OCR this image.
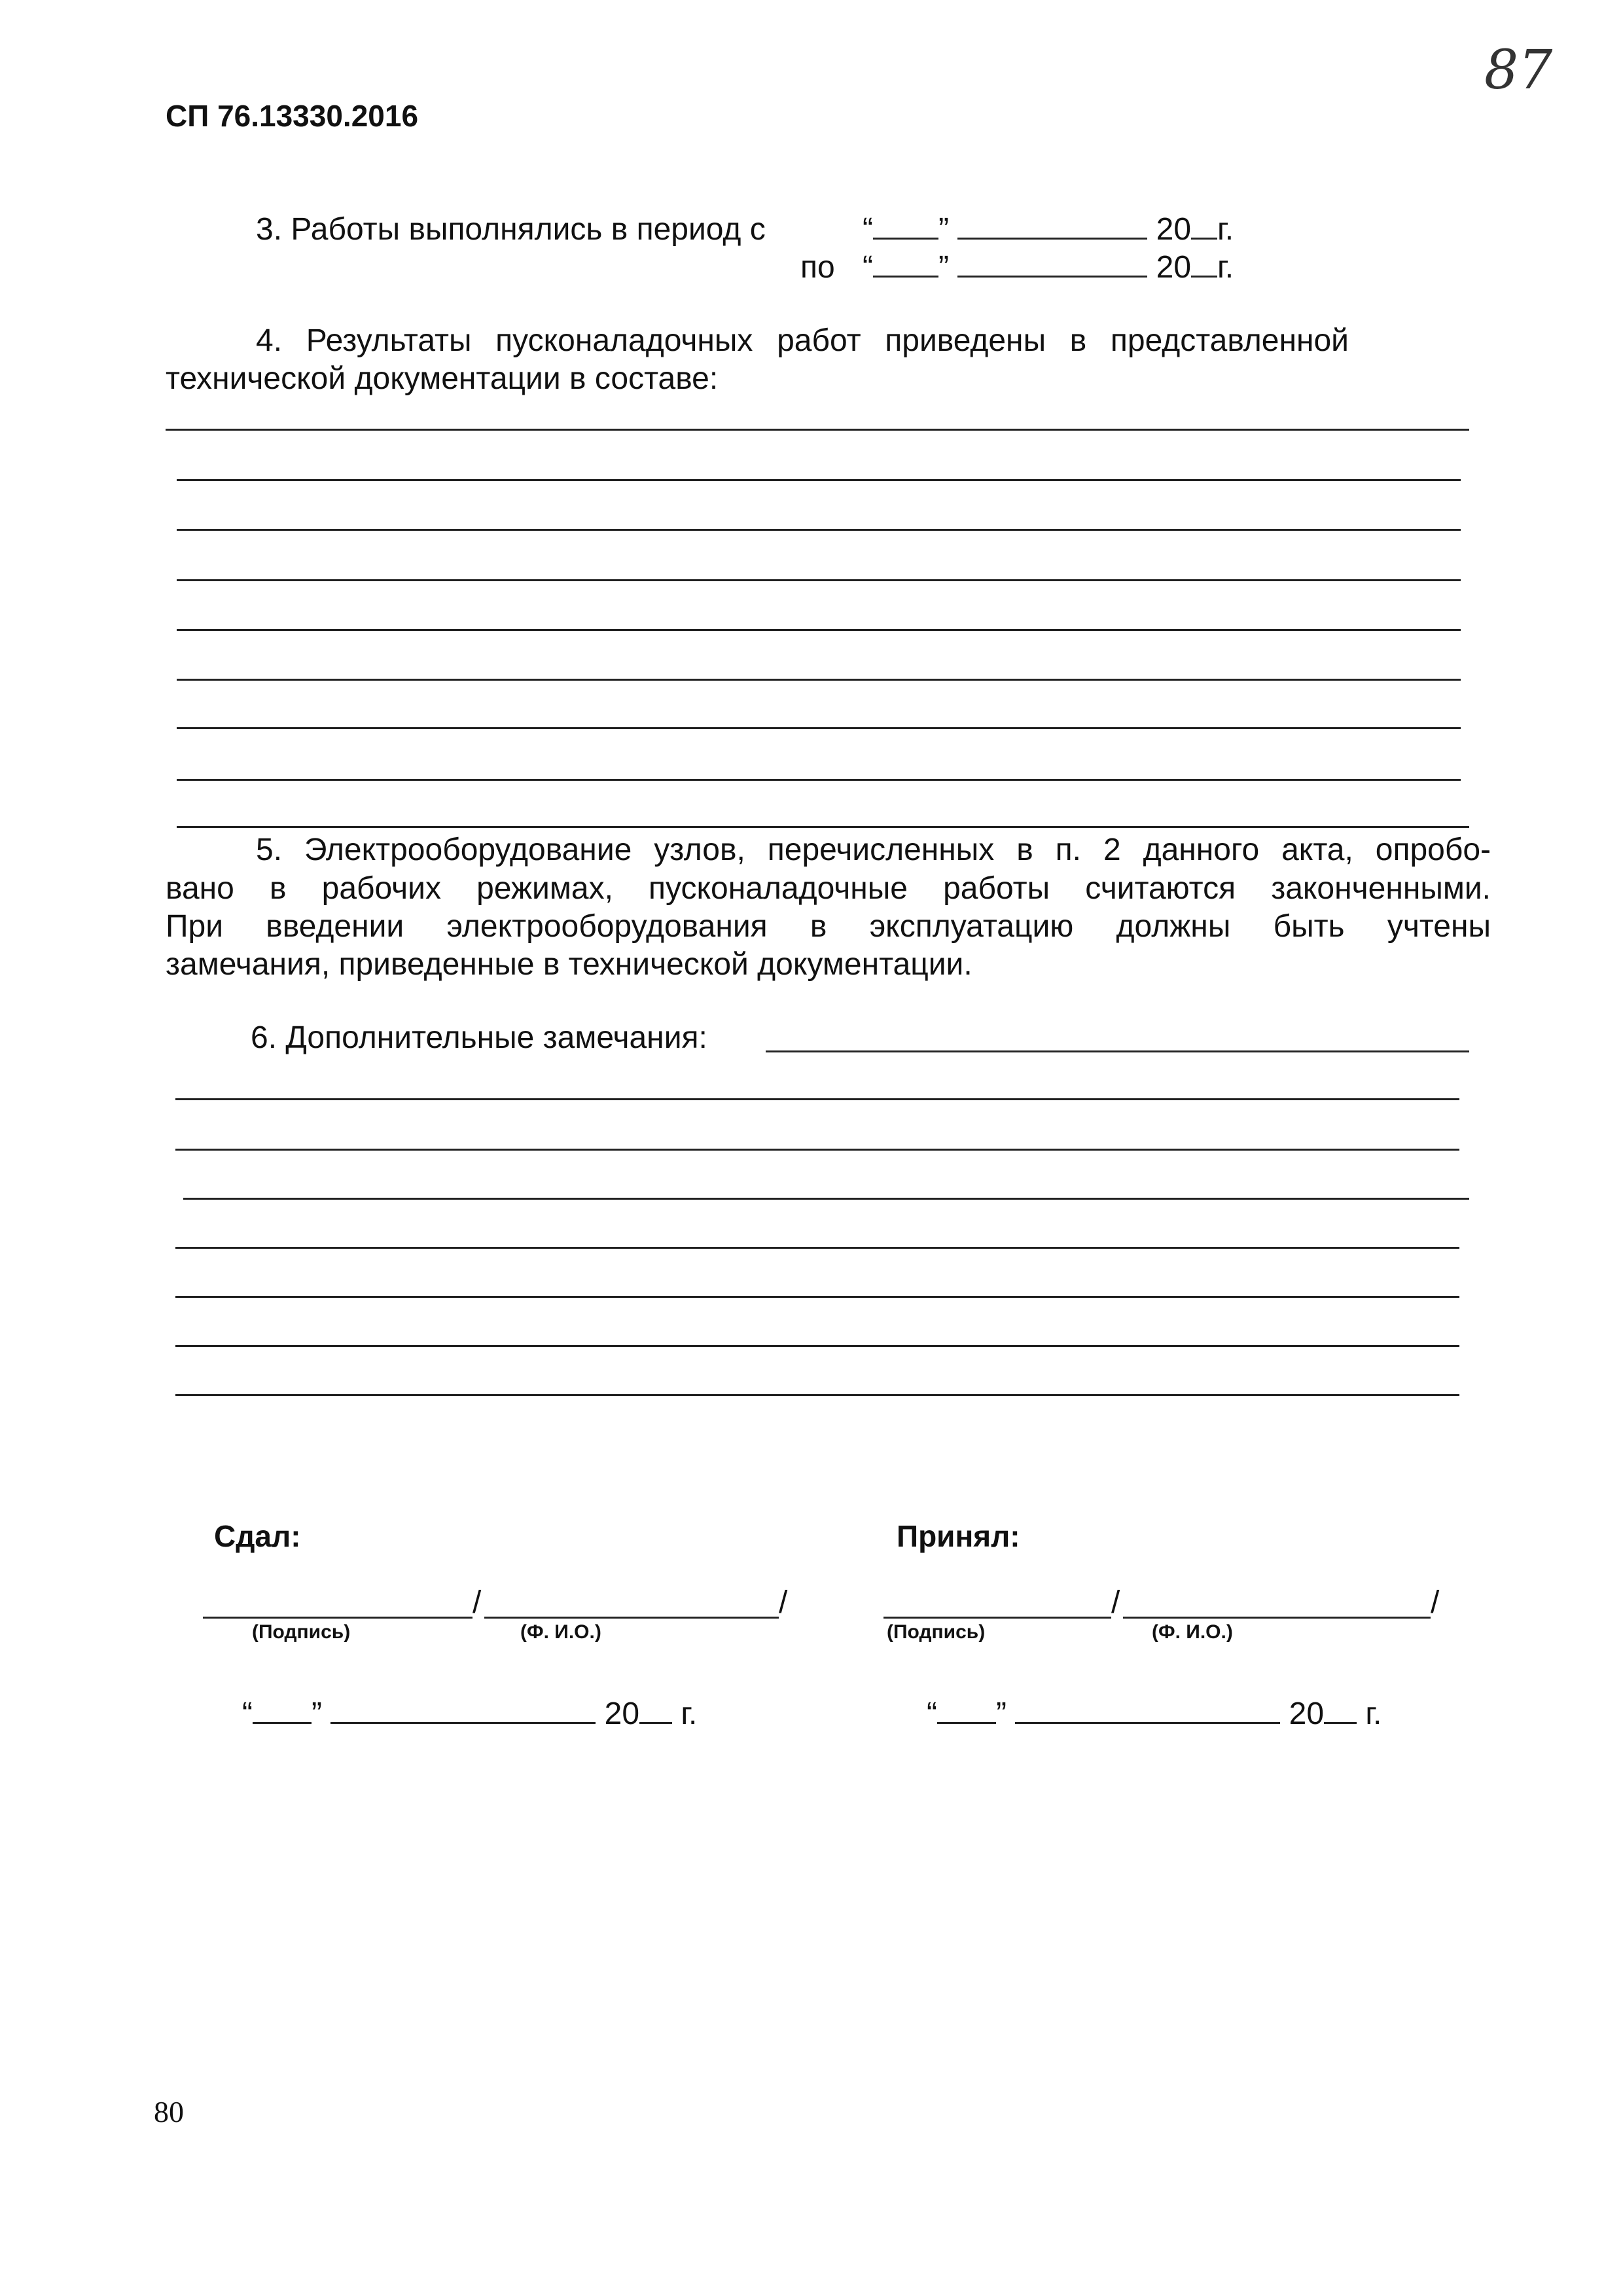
СП 76.13330.2016
87
3. Работы выполнялись в период с	“ ”	20 г.
по “ ”	20 г.
4. Результаты пусконаладочных работ приведены в представленной
технической документации в составе:
5. Электрооборудование узлов, перечисленных в п. 2 данного акта, опробо-
вано в рабочих режимах, пусконаладочные работы считаются законченными.
При введении электрооборудования в эксплуатацию должны быть учтены
замечания, приведенные в технической документации.
6. Дополнительные замечания:
Сдал:
/	/
(Подпись)	(Ф. И.О.)
“ ”	20 г.
Принял:
/	/
(Подпись)	(Ф. И.О.)
“ ”	20 г.
80
